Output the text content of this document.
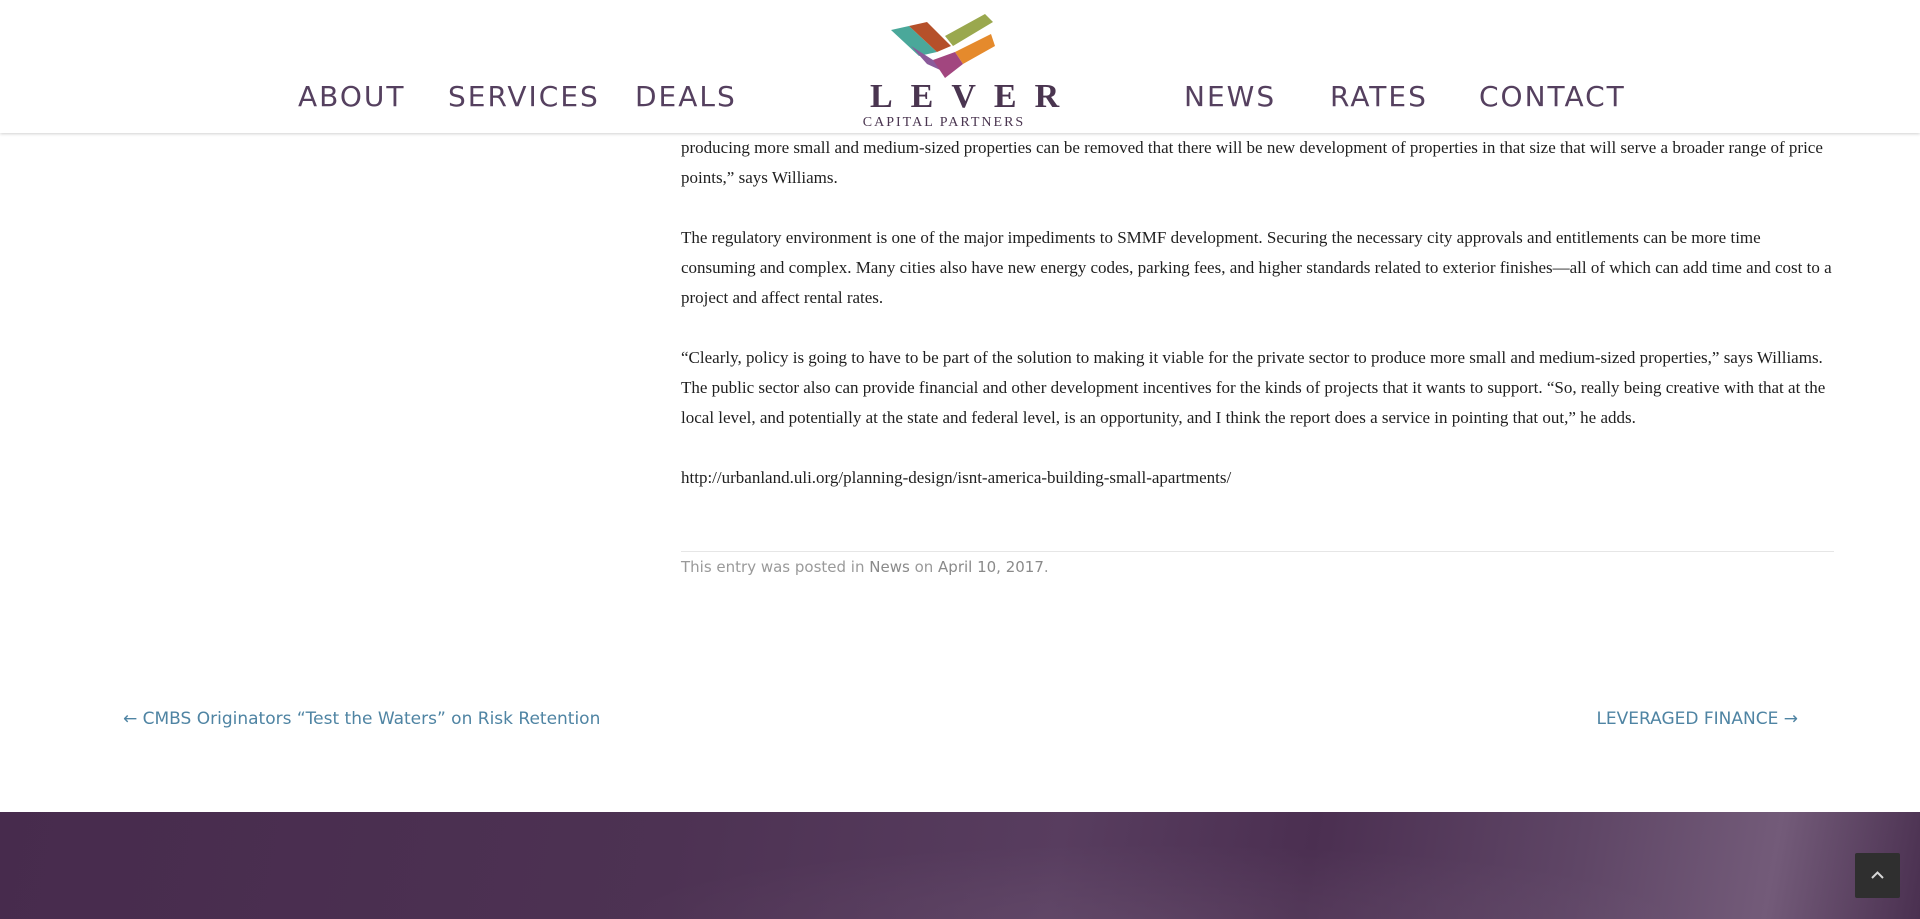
ABOUT SERVICES DEALS	LEVER
CAPITAL PARTNERS
NEWS RATES CONTACT

producing more small and medium-sized properties can be removed that there will be new development of properties in that size that will serve a broader range of price points,” says Williams.

The regulatory environment is one of the major impediments to SMMF development. Securing the necessary city approvals and entitlements can be more time consuming and complex. Many cities also have new energy codes, parking fees, and higher standards related to exterior finishes—all of which can add time and cost to a project and affect rental rates.

“Clearly, policy is going to have to be part of the solution to making it viable for the private sector to produce more small and medium-sized properties,” says Williams. The public sector also can provide financial and other development incentives for the kinds of projects that it wants to support. “So, really being creative with that at the local level, and potentially at the state and federal level, is an opportunity, and I think the report does a service in pointing that out,” he adds.

http://urbanland.uli.org/planning-design/isnt-america-building-small-apartments/

This entry was posted in News on April 10, 2017.
← CMBS Originators “Test the Waters” on Risk Retention	LEVERAGED FINANCE →
